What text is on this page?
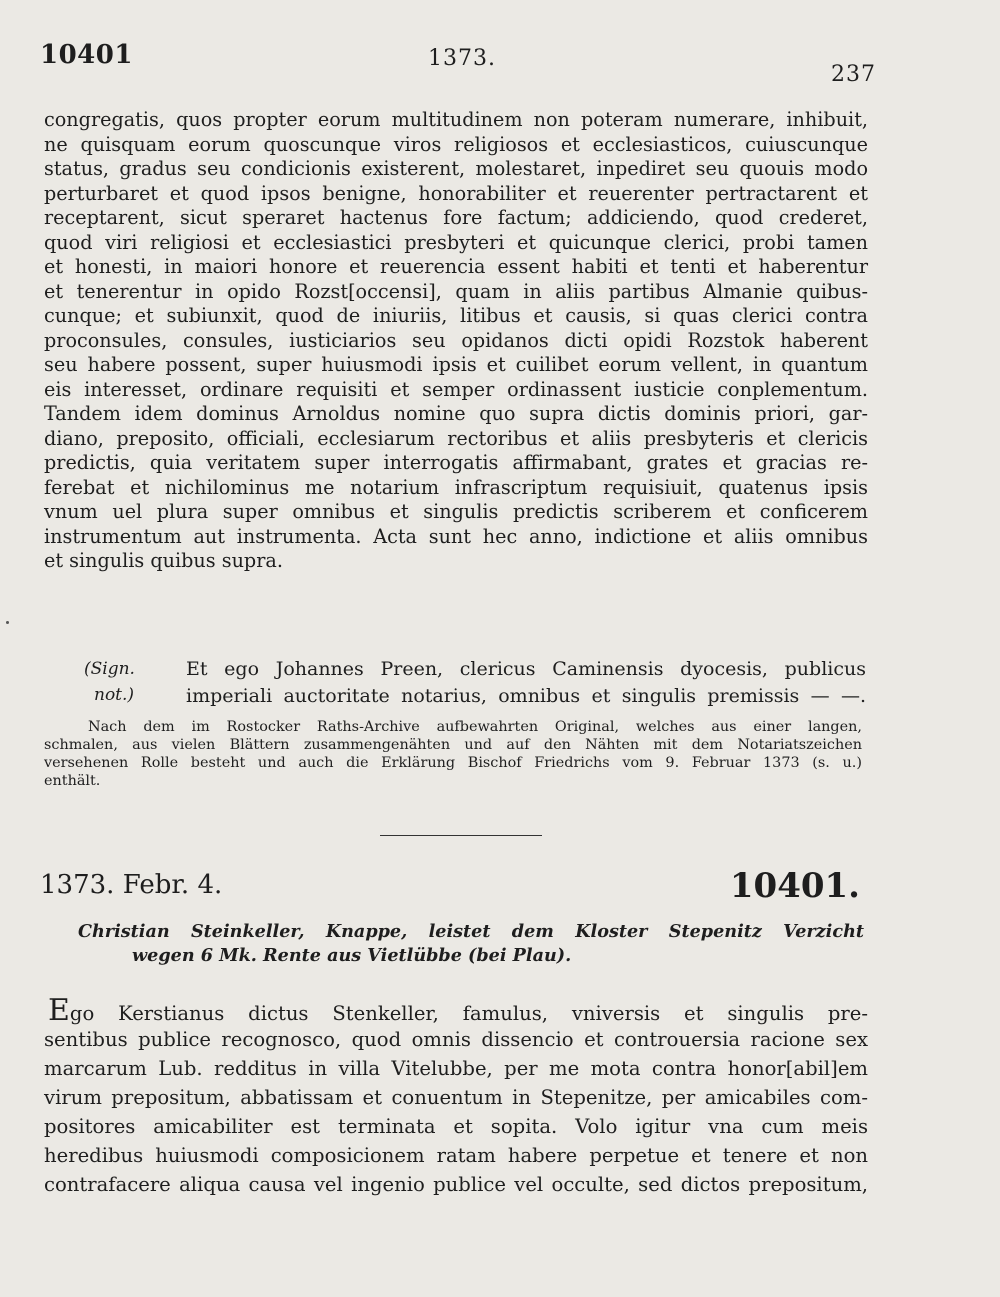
10401	1373.
237
congregatis, quos propter eorum multitudinem non poteram numerare, inhibuit,
ne quisquam eorum quoscunque viros religiosos et ecclesiasticos, cuiuscunque
status, gradus seu condicionis existerent, molestaret, inpediret seu quouis modo
perturbaret et quod ipsos benigne, honorabiliter et reuerenter pertractarent et
receptarent, sicut speraret hactenus fore factum; addiciendo, quod crederet,
quod viri religiosi et ecclesiastici presbyteri et quicunque clerici, probi tamen
et honesti, in maiori honore et reuerencia essent habiti et tenti et haberentur
et tenerentur in opido Rozst[occensi], quam in aliis partibus Almanie quibus-
cunque; et subiunxit, quod de iniuriis, litibus et causis, si quas clerici contra
proconsules, consules, iusticiarios seu opidanos dicti opidi Rozstok haberent
seu habere possent, super huiusmodi ipsis et cuilibet eorum vellent, in quantum
eis interesset, ordinare requisiti et semper ordinassent iusticie conplementum.
Tandem idem dominus Arnoldus nomine quo supra dictis dominis priori, gar-
diano, preposito, officiali, ecclesiarum rectoribus et aliis presbyteris et clericis
predictis, quia veritatem super interrogatis affirmabant, grates et gracias re-
ferebat et nichilominus me notarium infrascriptum requisiuit, quatenus ipsis
vnum uel plura super omnibus et singulis predictis scriberem et conficerem
instrumentum aut instrumenta. Acta sunt hec anno, indictione et aliis omnibus
et singulis quibus supra.
(Sign.
not.)
Et ego Johannes Preen, clericus Caminensis dyocesis, publicus
imperiali auctoritate notarius, omnibus et singulis premissis — —.
Nach dem im Rostocker Raths-Archive aufbewahrten Original, welches aus einer langen,
schmalen, aus vielen Blättern zusammengenähten und auf den Nähten mit dem Notariatszeichen
versehenen Rolle besteht und auch die Erklärung Bischof Friedrichs vom 9. Februar 1373 (s. u.)
enthält.
1373. Febr. 4.	10401.
Christian Steinkeller, Knappe, leistet dem Kloster Stepenitz Verzicht
wegen 6 Mk. Rente aus Vietlübbe (bei Plau).
Ego Kerstianus dictus Stenkeller, famulus, vniversis et singulis pre-
sentibus publice recognosco, quod omnis dissencio et controuersia racione sex
marcarum Lub. redditus in villa Vitelubbe, per me mota contra honor[abil]em
virum prepositum, abbatissam et conuentum in Stepenitze, per amicabiles com-
positores amicabiliter est terminata et sopita. Volo igitur vna cum meis
heredibus huiusmodi composicionem ratam habere perpetue et tenere et non
contrafacere aliqua causa vel ingenio publice vel occulte, sed dictos prepositum,
